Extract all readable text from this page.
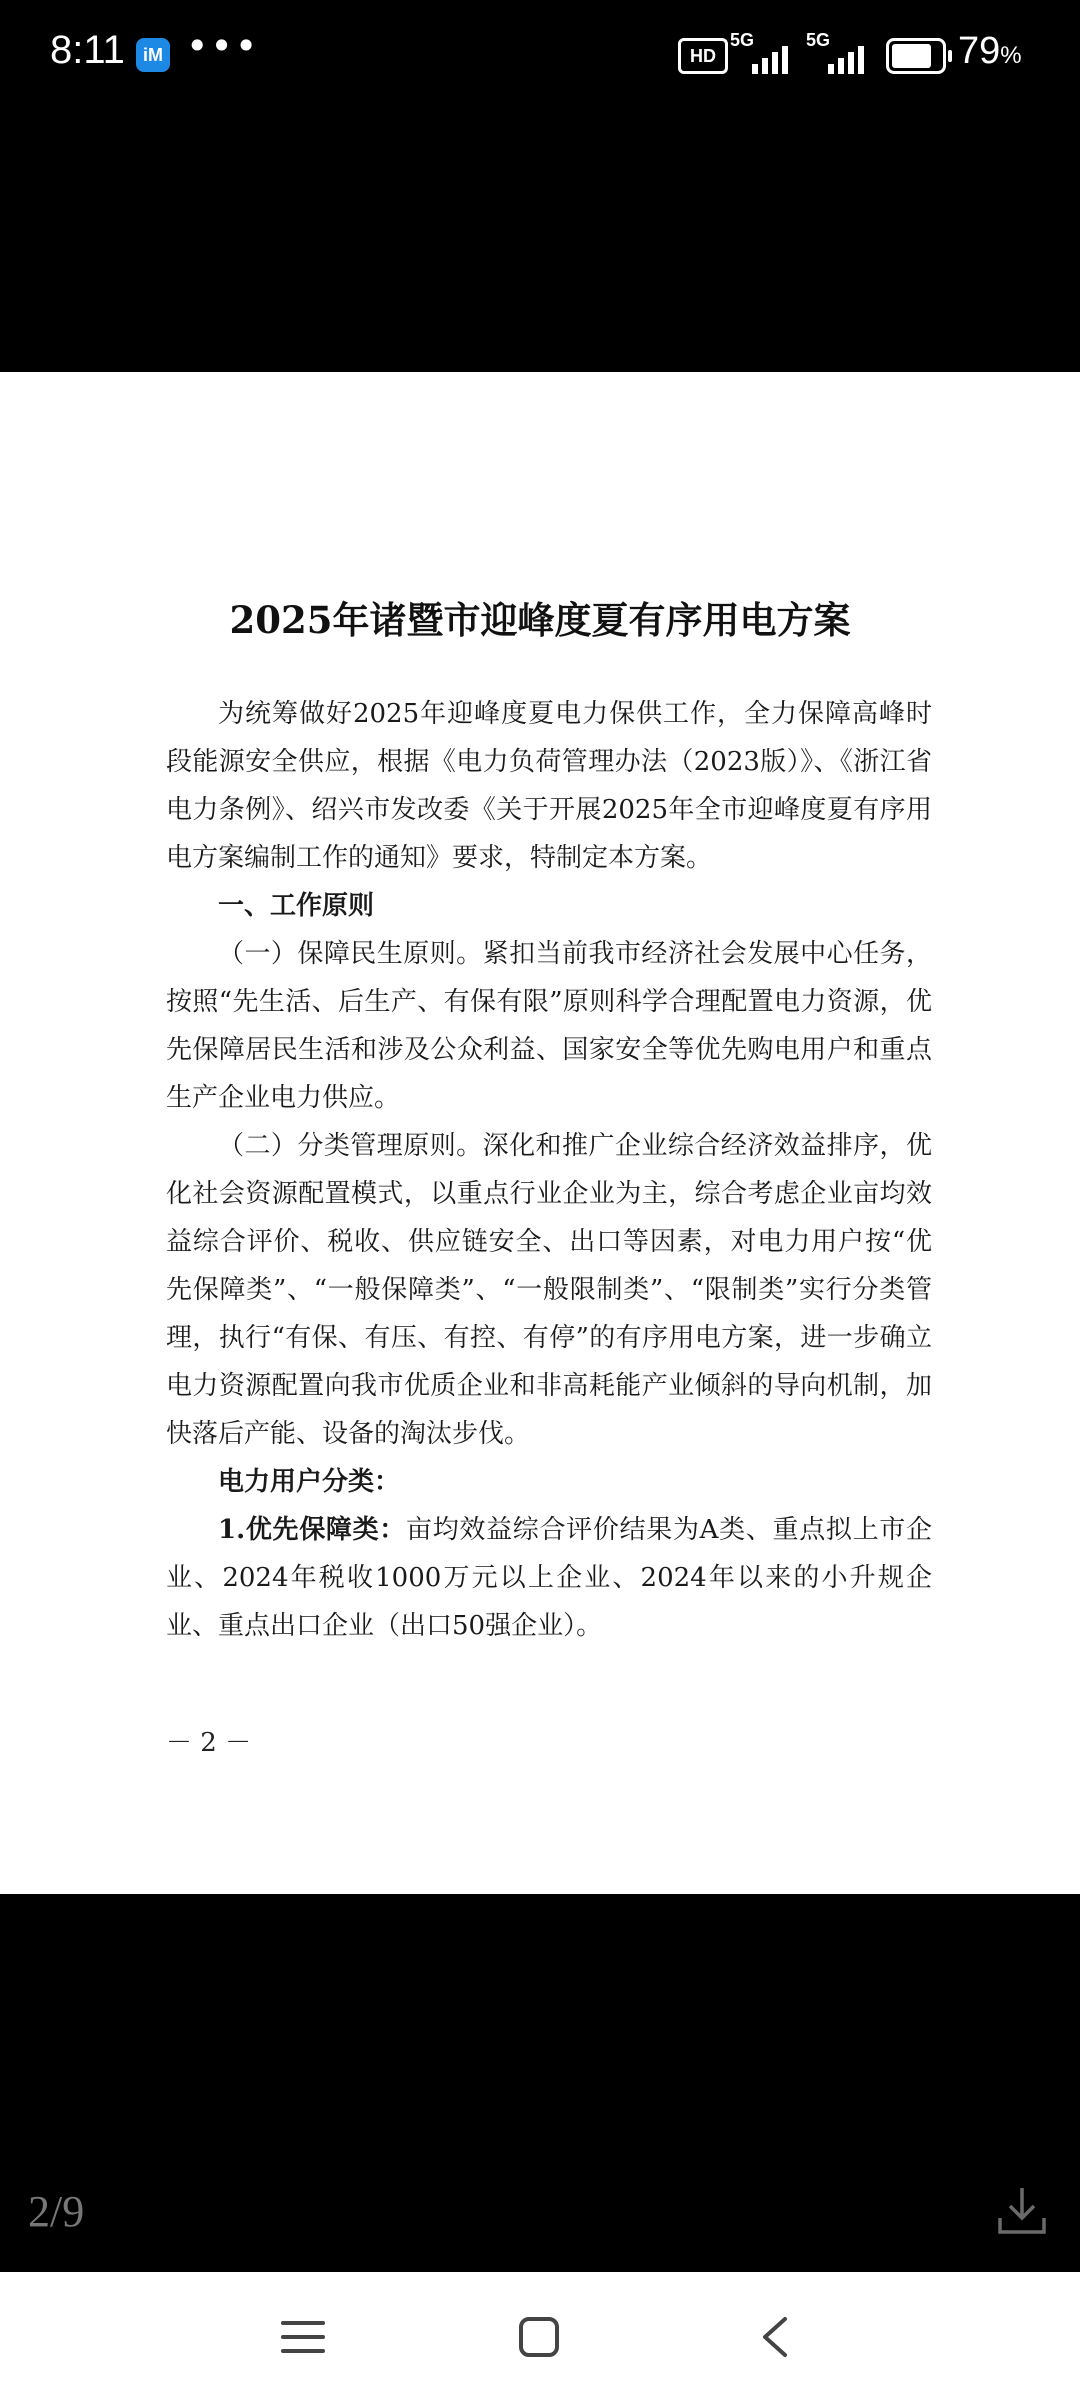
8:11	iM •••	HD
5G	5G	79%
2025年诸暨市迎峰度夏有序用电方案

为统筹做好2025年迎峰度夏电力保供工作，全力保障高峰时段能源安全供应，根据《电力负荷管理办法（2023版）》、《浙江省电力条例》、绍兴市发改委《关于开展2025年全市迎峰度夏有序用电方案编制工作的通知》要求，特制定本方案。

一、工作原则

（一）保障民生原则。紧扣当前我市经济社会发展中心任务，按照“先生活、后生产、有保有限”原则科学合理配置电力资源，优先保障居民生活和涉及公众利益、国家安全等优先购电用户和重点生产企业电力供应。

（二）分类管理原则。深化和推广企业综合经济效益排序，优化社会资源配置模式，以重点行业企业为主，综合考虑企业亩均效益综合评价、税收、供应链安全、出口等因素，对电力用户按“优先保障类”、“一般保障类”、“一般限制类”、“限制类”实行分类管理，执行“有保、有压、有控、有停”的有序用电方案，进一步确立电力资源配置向我市优质企业和非高耗能产业倾斜的导向机制，加快落后产能、设备的淘汰步伐。

电力用户分类：

1.优先保障类：亩均效益综合评价结果为A类、重点拟上市企业、2024年税收1000万元以上企业、2024年以来的小升规企业、重点出口企业（出口50强企业）。

－ 2 －
2/9
